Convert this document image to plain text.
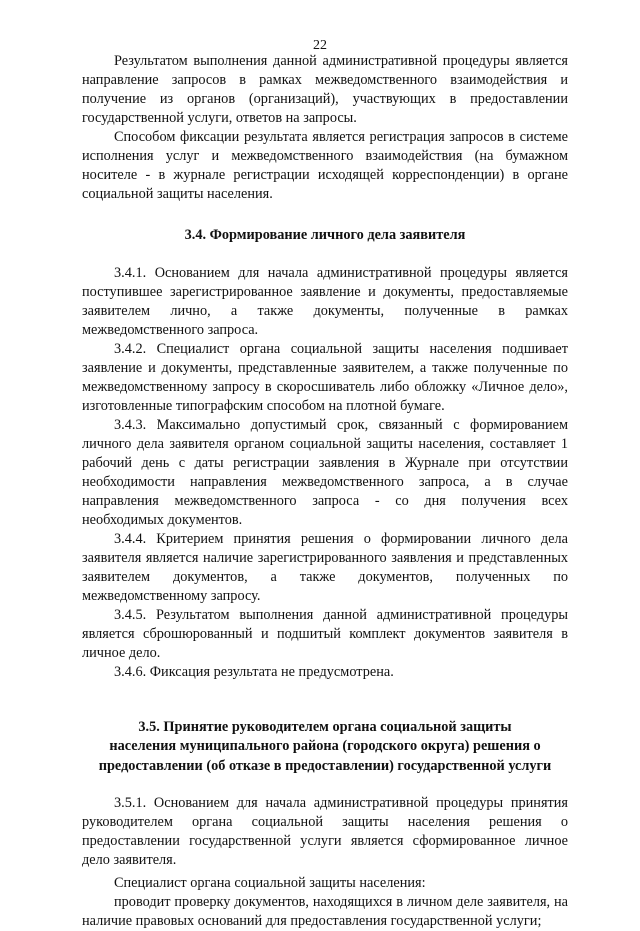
22

Результатом выполнения данной административной процедуры является направление запросов в рамках межведомственного взаимодействия и получение из органов (организаций), участвующих в предоставлении государственной услуги, ответов на запросы.

Способом фиксации результата является регистрация запросов в системе исполнения услуг и межведомственного взаимодействия (на бумажном носителе - в журнале регистрации исходящей корреспонденции) в органе социальной защиты населения.

3.4. Формирование личного дела заявителя

3.4.1. Основанием для начала административной процедуры является поступившее зарегистрированное заявление и документы, предоставляемые заявителем лично, а также документы, полученные в рамках межведомственного запроса.

3.4.2. Специалист органа социальной защиты населения подшивает заявление и документы, представленные заявителем, а также полученные по межведомственному запросу в скоросшиватель либо обложку «Личное дело», изготовленные типографским способом на плотной бумаге.

3.4.3. Максимально допустимый срок, связанный с формированием личного дела заявителя органом социальной защиты населения, составляет 1 рабочий день с даты регистрации заявления в Журнале при отсутствии необходимости направления межведомственного запроса, а в случае направления межведомственного запроса - со дня получения всех необходимых документов.

3.4.4. Критерием принятия решения о формировании личного дела заявителя является наличие зарегистрированного заявления и представленных заявителем документов, а также документов, полученных по межведомственному запросу.

3.4.5. Результатом выполнения данной административной процедуры является сброшюрованный и подшитый комплект документов заявителя в личное дело.

3.4.6. Фиксация результата не предусмотрена.

3.5. Принятие руководителем органа социальной защиты
населения муниципального района (городского округа) решения о
предоставлении (об отказе в предоставлении) государственной услуги

3.5.1. Основанием для начала административной процедуры принятия руководителем органа социальной защиты населения решения о предоставлении государственной услуги является сформированное личное дело заявителя.

Специалист органа социальной защиты населения:

проводит проверку документов, находящихся в личном деле заявителя, на наличие правовых оснований для предоставления государственной услуги;
